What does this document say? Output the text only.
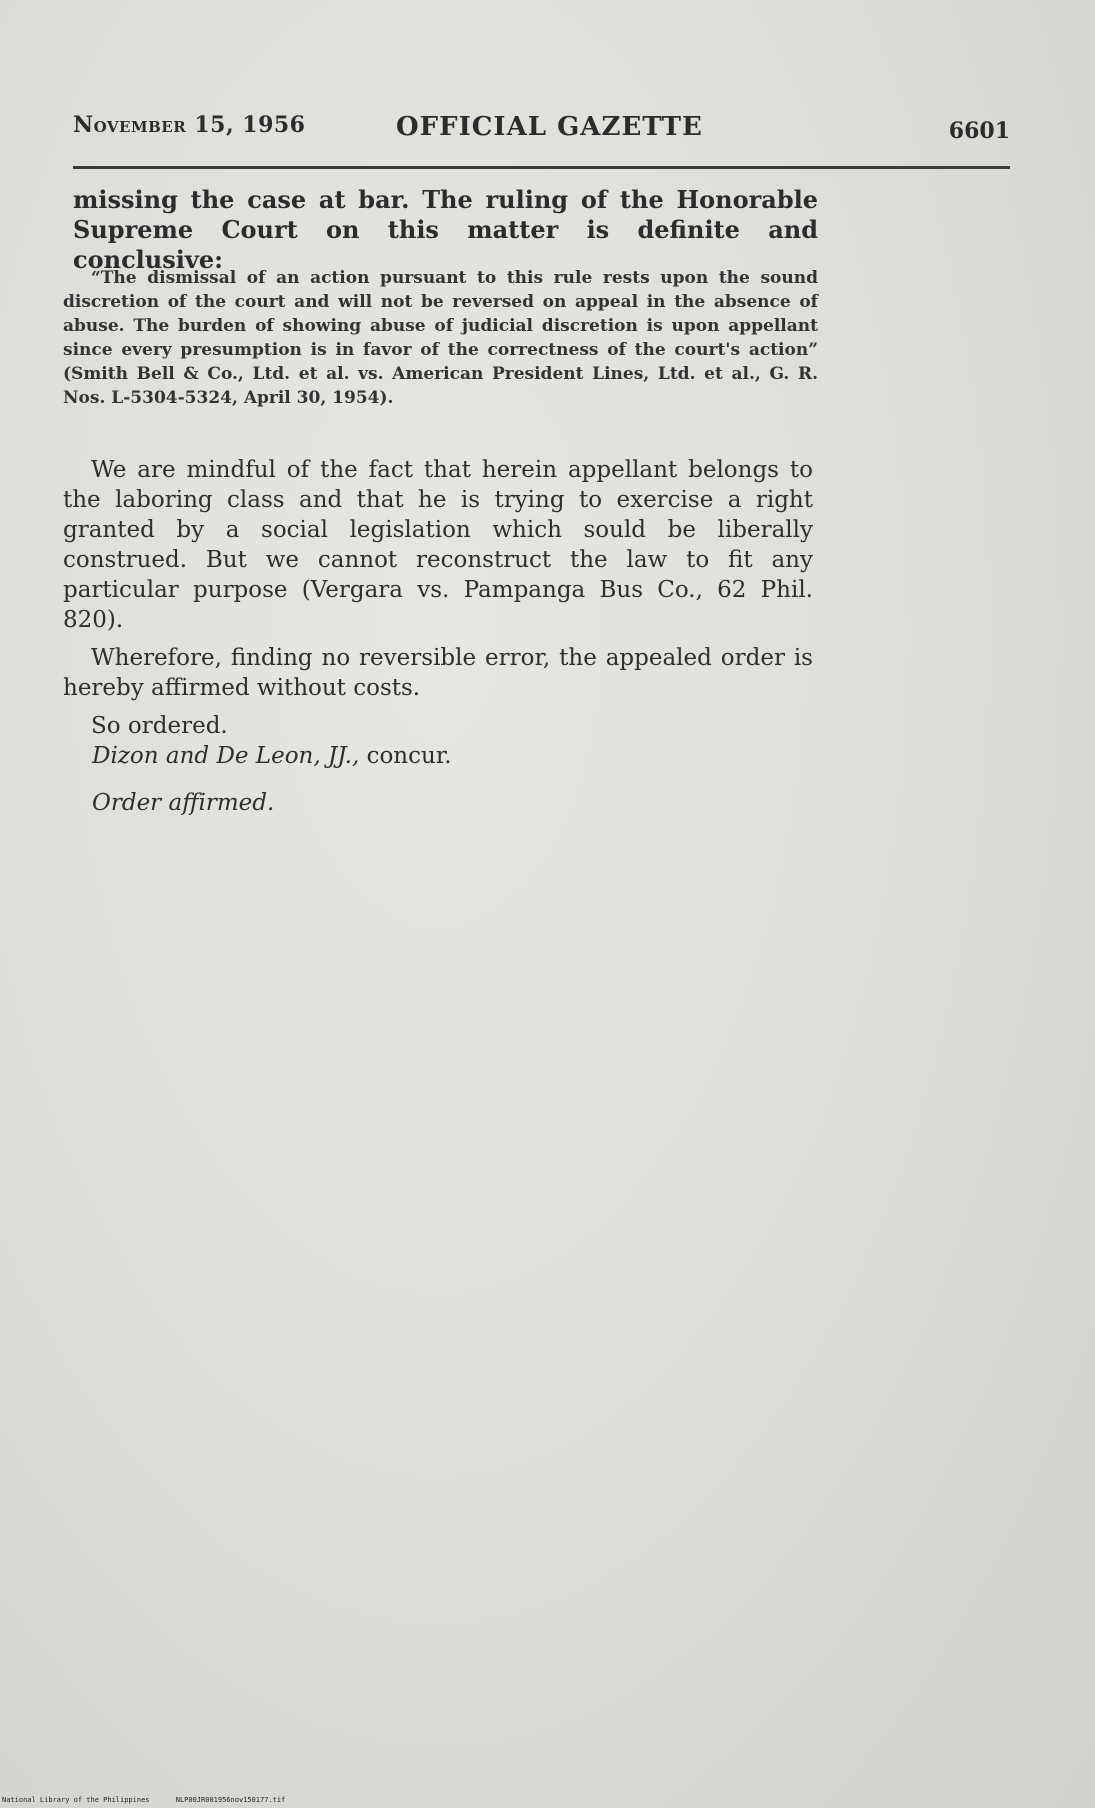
November 15, 1956	OFFICIAL GAZETTE	6601
missing the case at bar. The ruling of the Honorable Supreme Court on this matter is definite and conclusive:
“The dismissal of an action pursuant to this rule rests upon the sound discretion of the court and will not be reversed on appeal in the absence of abuse. The burden of showing abuse of judicial discretion is upon appellant since every presumption is in favor of the correctness of the court's action” (Smith Bell & Co., Ltd. et al. vs. American President Lines, Ltd. et al., G. R. Nos. L-5304-5324, April 30, 1954).

We are mindful of the fact that herein appellant belongs to the laboring class and that he is trying to exercise a right granted by a social legislation which sould be liberally construed. But we cannot reconstruct the law to fit any particular purpose (Vergara vs. Pampanga Bus Co., 62 Phil. 820).

Wherefore, finding no reversible error, the appealed order is hereby affirmed without costs.

So ordered.

Dizon and De Leon, JJ., concur.
Order affirmed.
National Library of the Philippines	NLP00JR001956nov150177.tif
